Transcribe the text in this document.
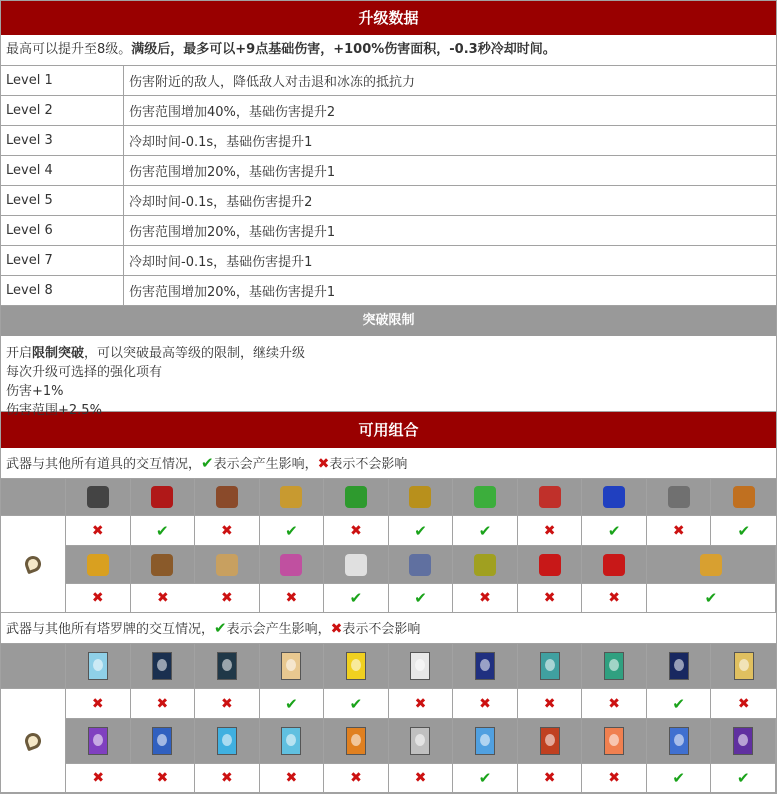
升级数据
最高可以提升至8级。满级后，最多可以+9点基础伤害，+100%伤害面积，-0.3秒冷却时间。
Level 1	伤害附近的敌人，降低敌人对击退和冰冻的抵抗力
Level 2	伤害范围增加40%，基础伤害提升2
Level 3	冷却时间-0.1s，基础伤害提升1
Level 4	伤害范围增加20%，基础伤害提升1
Level 5	冷却时间-0.1s，基础伤害提升2
Level 6	伤害范围增加20%，基础伤害提升1
Level 7	冷却时间-0.1s，基础伤害提升1
Level 8	伤害范围增加20%，基础伤害提升1
突破限制
开启限制突破，可以突破最高等级的限制，继续升级
每次升级可选择的强化项有
伤害+1%
伤害范围+2.5%
可用组合
武器与其他所有道具的交互情况，✔表示会产生影响，✖表示不会影响
✖	✔	✖	✔	✖	✔	✔	✖	✔	✖	✔
✖	✖	✖	✖	✔	✔	✖	✖	✖	✔
武器与其他所有塔罗牌的交互情况，✔表示会产生影响，✖表示不会影响
✖	✖	✖	✔	✔	✖	✖	✖	✖	✔	✖
✖	✖	✖	✖	✖	✖	✔	✖	✖	✔	✔
